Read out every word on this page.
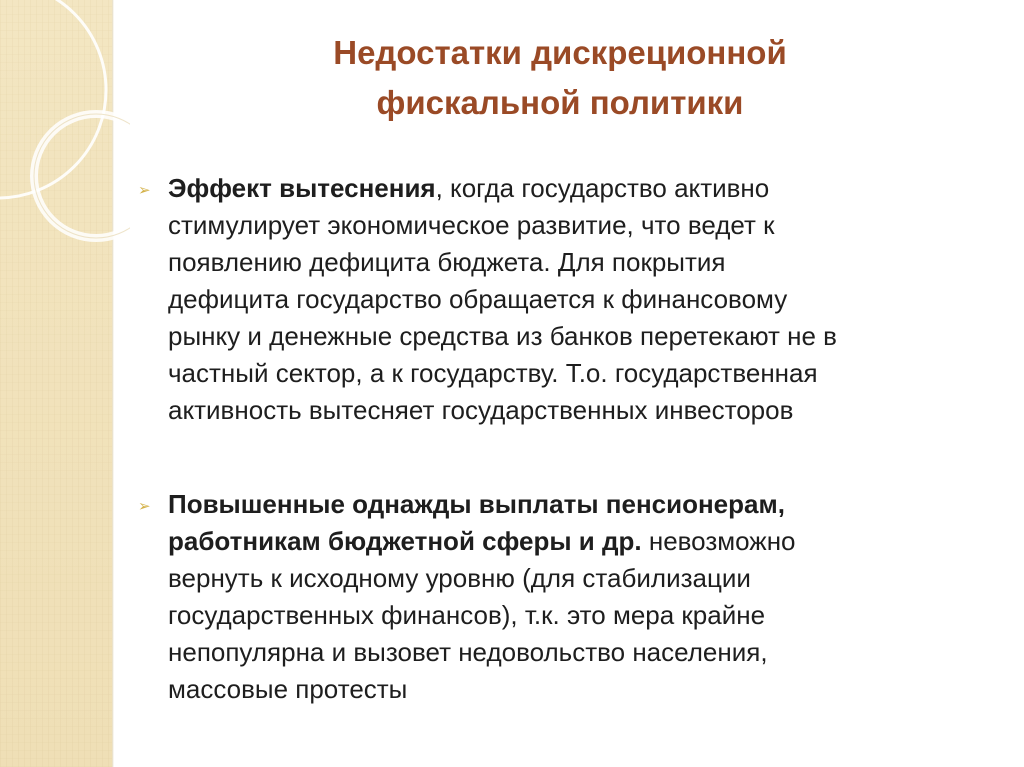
Недостатки дискреционной
фискальной политики
➢ Эффект вытеснения, когда государство активно
стимулирует экономическое развитие, что ведет к
появлению дефицита бюджета. Для покрытия
дефицита государство обращается к финансовому
рынку и денежные средства из банков перетекают не в
частный сектор, а к государству. Т.о. государственная
активность вытесняет государственных инвесторов
➢ Повышенные однажды выплаты пенсионерам,
работникам бюджетной сферы и др. невозможно
вернуть к исходному уровню (для стабилизации
государственных финансов), т.к. это мера крайне
непопулярна и вызовет недовольство населения,
массовые протесты
